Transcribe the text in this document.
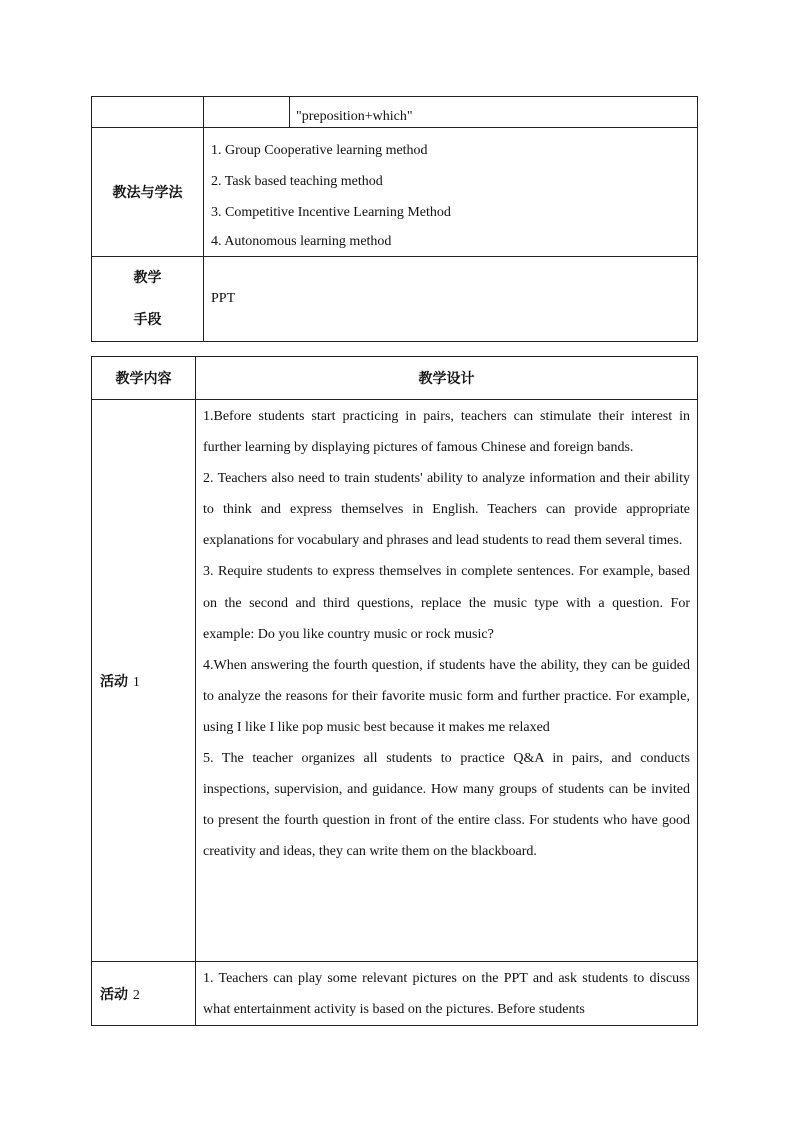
		"preposition+which"

教法与学法	1. Group Cooperative learning method
2. Task based teaching method
3. Competitive Incentive Learning Method
4. Autonomous learning method	

教学
手段	PPT	
教学内容	教学设计
活动 1	1.Before students start practicing in pairs, teachers can stimulate their interest in further learning by displaying pictures of famous Chinese and foreign bands.

2. Teachers also need to train students' ability to analyze information and their ability to think and express themselves in English. Teachers can provide appropriate explanations for vocabulary and phrases and lead students to read them several times.

3. Require students to express themselves in complete sentences. For example, based on the second and third questions, replace the music type with a question. For example: Do you like country music or rock music?

4.When answering the fourth question, if students have the ability, they can be guided to analyze the reasons for their favorite music form and further practice. For example, using I like I like pop music best because it makes me relaxed

5. The teacher organizes all students to practice Q&A in pairs, and conducts inspections, supervision, and guidance. How many groups of students can be invited to present the fourth question in front of the entire class. For students who have good creativity and ideas, they can write them on the blackboard.

活动 2	1. Teachers can play some relevant pictures on the PPT and ask students to discuss what entertainment activity is based on the pictures. Before students
